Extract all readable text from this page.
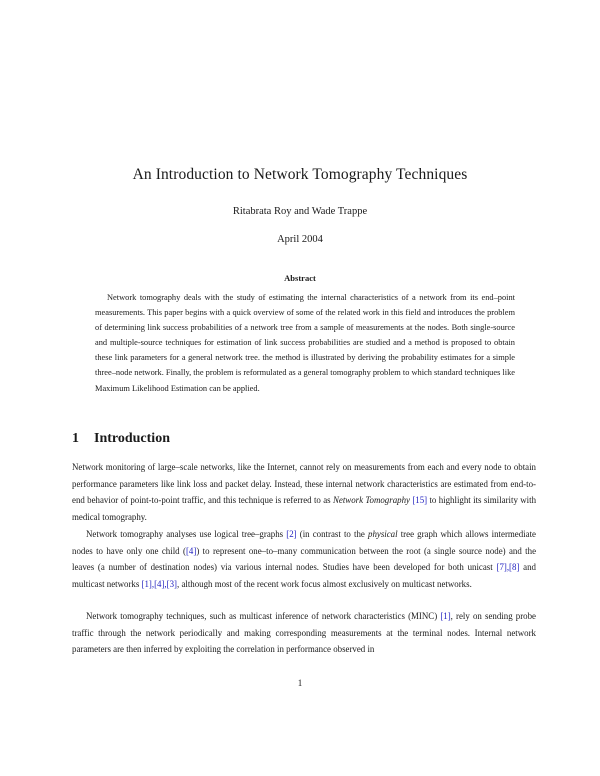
An Introduction to Network Tomography Techniques
Ritabrata Roy and Wade Trappe
April 2004
Abstract
Network tomography deals with the study of estimating the internal characteristics of a network from its end–point measurements. This paper begins with a quick overview of some of the related work in this field and introduces the problem of determining link success probabilities of a network tree from a sample of measurements at the nodes. Both single-source and multiple-source techniques for estimation of link success probabilities are studied and a method is proposed to obtain these link parameters for a general network tree. the method is illustrated by deriving the probability estimates for a simple three–node network. Finally, the problem is reformulated as a general tomography problem to which standard techniques like Maximum Likelihood Estimation can be applied.
1 Introduction
Network monitoring of large–scale networks, like the Internet, cannot rely on measurements from each and every node to obtain performance parameters like link loss and packet delay. Instead, these internal network characteristics are estimated from end-to-end behavior of point-to-point traffic, and this technique is referred to as Network Tomography [15] to highlight its similarity with medical tomography.
Network tomography analyses use logical tree–graphs [2] (in contrast to the physical tree graph which allows intermediate nodes to have only one child ([4]) to represent one–to–many communication between the root (a single source node) and the leaves (a number of destination nodes) via various internal nodes. Studies have been developed for both unicast [7],[8] and multicast networks [1],[4],[3], although most of the recent work focus almost exclusively on multicast networks.
Network tomography techniques, such as multicast inference of network characteristics (MINC) [1], rely on sending probe traffic through the network periodically and making corresponding measurements at the terminal nodes. Internal network parameters are then inferred by exploiting the correlation in performance observed in
1
